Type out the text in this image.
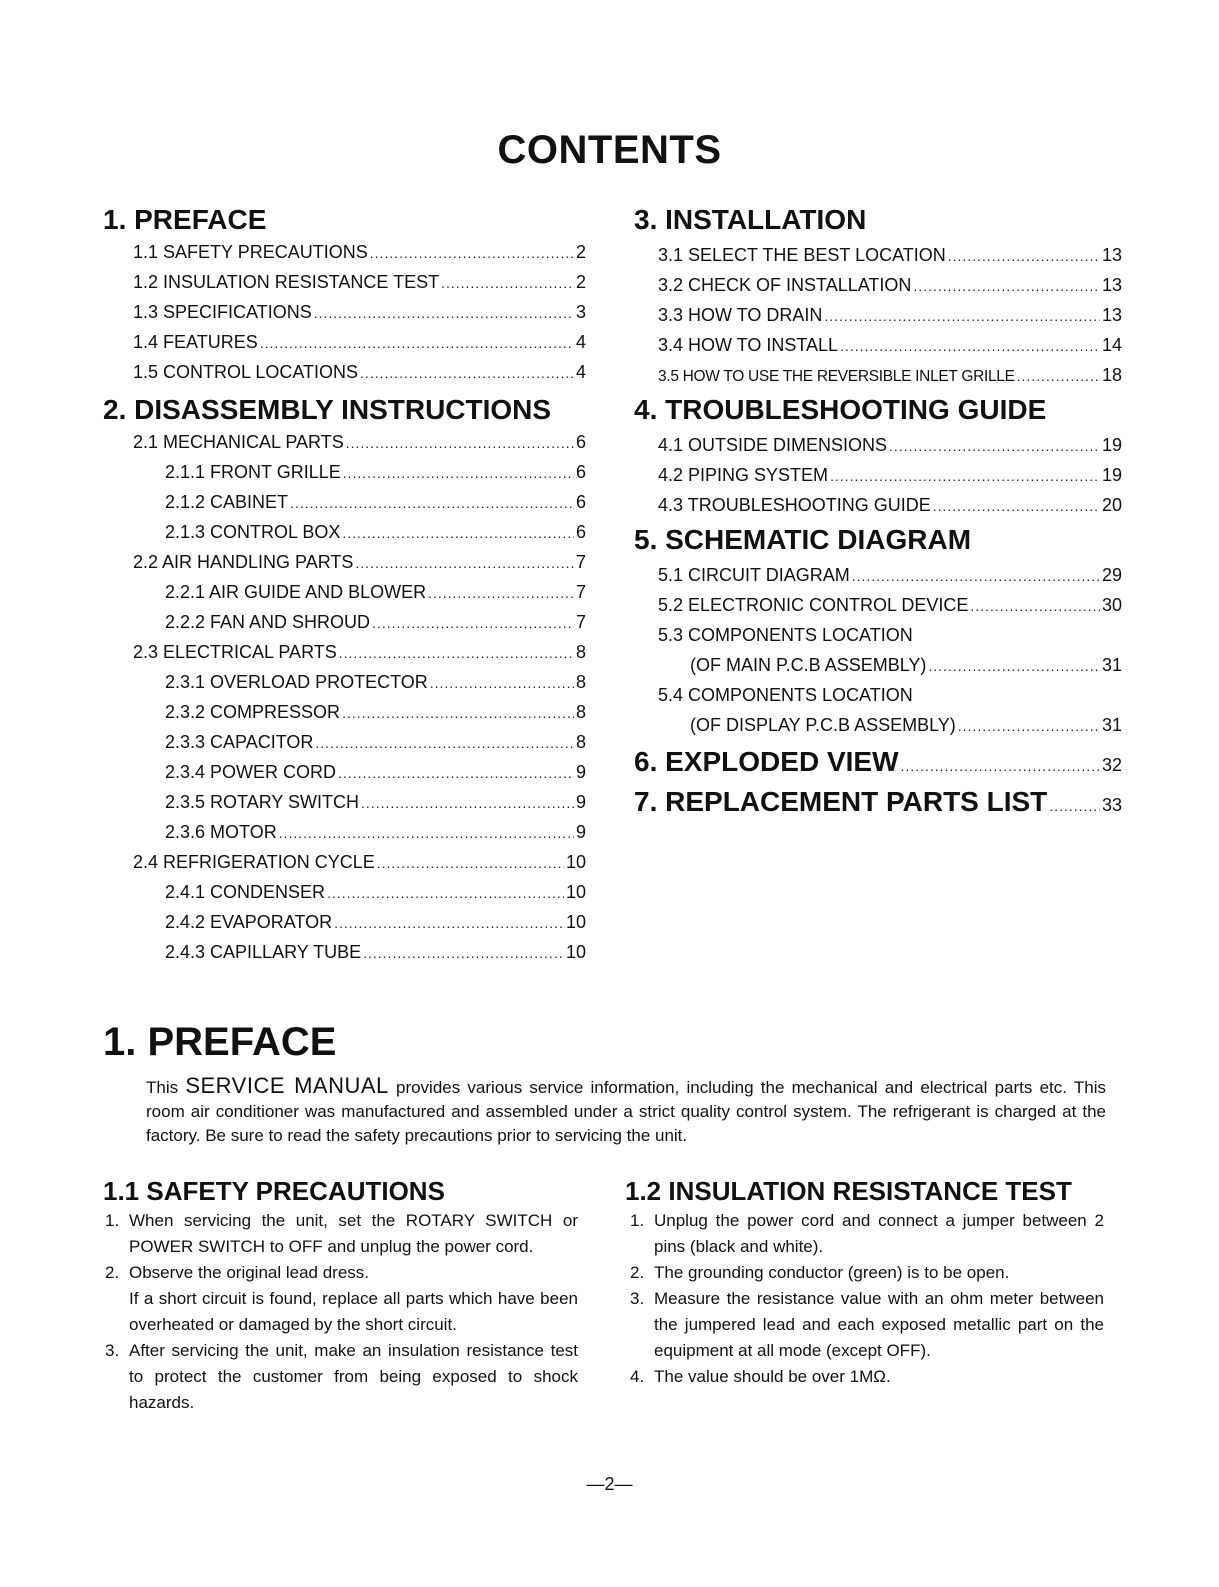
CONTENTS
1. PREFACE
1.1 SAFETY PRECAUTIONS .....	2
1.2 INSULATION RESISTANCE TEST .....	2
1.3 SPECIFICATIONS .....	3
1.4 FEATURES .....	4
1.5 CONTROL LOCATIONS .....	4
2. DISASSEMBLY INSTRUCTIONS
2.1 MECHANICAL PARTS .....	6
2.1.1 FRONT GRILLE .....	6
2.1.2 CABINET .....	6
2.1.3 CONTROL BOX .....	6
2.2 AIR HANDLING PARTS .....	7
2.2.1 AIR GUIDE AND BLOWER .....	7
2.2.2 FAN AND SHROUD .....	7
2.3 ELECTRICAL PARTS .....	8
2.3.1 OVERLOAD PROTECTOR .....	8
2.3.2 COMPRESSOR .....	8
2.3.3 CAPACITOR .....	8
2.3.4 POWER CORD .....	9
2.3.5 ROTARY SWITCH .....	9
2.3.6 MOTOR .....	9
2.4 REFRIGERATION CYCLE .....	10
2.4.1 CONDENSER .....	10
2.4.2 EVAPORATOR .....	10
2.4.3 CAPILLARY TUBE .....	10
3. INSTALLATION
3.1 SELECT THE BEST LOCATION .....	13
3.2 CHECK OF INSTALLATION .....	13
3.3 HOW TO DRAIN .....	13
3.4 HOW TO INSTALL .....	14
3.5 HOW TO USE THE REVERSIBLE INLET GRILLE .....	18
4. TROUBLESHOOTING GUIDE
4.1 OUTSIDE DIMENSIONS .....	19
4.2 PIPING SYSTEM .....	19
4.3 TROUBLESHOOTING GUIDE .....	20
5. SCHEMATIC DIAGRAM
5.1 CIRCUIT DIAGRAM .....	29
5.2 ELECTRONIC CONTROL DEVICE .....	30
5.3 COMPONENTS LOCATION
(OF MAIN P.C.B ASSEMBLY) .....	31
5.4 COMPONENTS LOCATION
(OF DISPLAY P.C.B ASSEMBLY) .....	31
6. EXPLODED VIEW .....	32
7. REPLACEMENT PARTS LIST .....	33
1. PREFACE
This SERVICE MANUAL provides various service information, including the mechanical and electrical parts etc. This room air conditioner was manufactured and assembled under a strict quality control system. The refrigerant is charged at the factory. Be sure to read the safety precautions prior to servicing the unit.
1.1 SAFETY PRECAUTIONS
1. When servicing the unit, set the ROTARY SWITCH or POWER SWITCH to OFF and unplug the power cord.
2. Observe the original lead dress.
If a short circuit is found, replace all parts which have been overheated or damaged by the short circuit.
3. After servicing the unit, make an insulation resistance test to protect the customer from being exposed to shock hazards.
1.2 INSULATION RESISTANCE TEST
1. Unplug the power cord and connect a jumper between 2 pins (black and white).
2. The grounding conductor (green) is to be open.
3. Measure the resistance value with an ohm meter between the jumpered lead and each exposed metallic part on the equipment at all mode (except OFF).
4. The value should be over 1MΩ.
—2—
